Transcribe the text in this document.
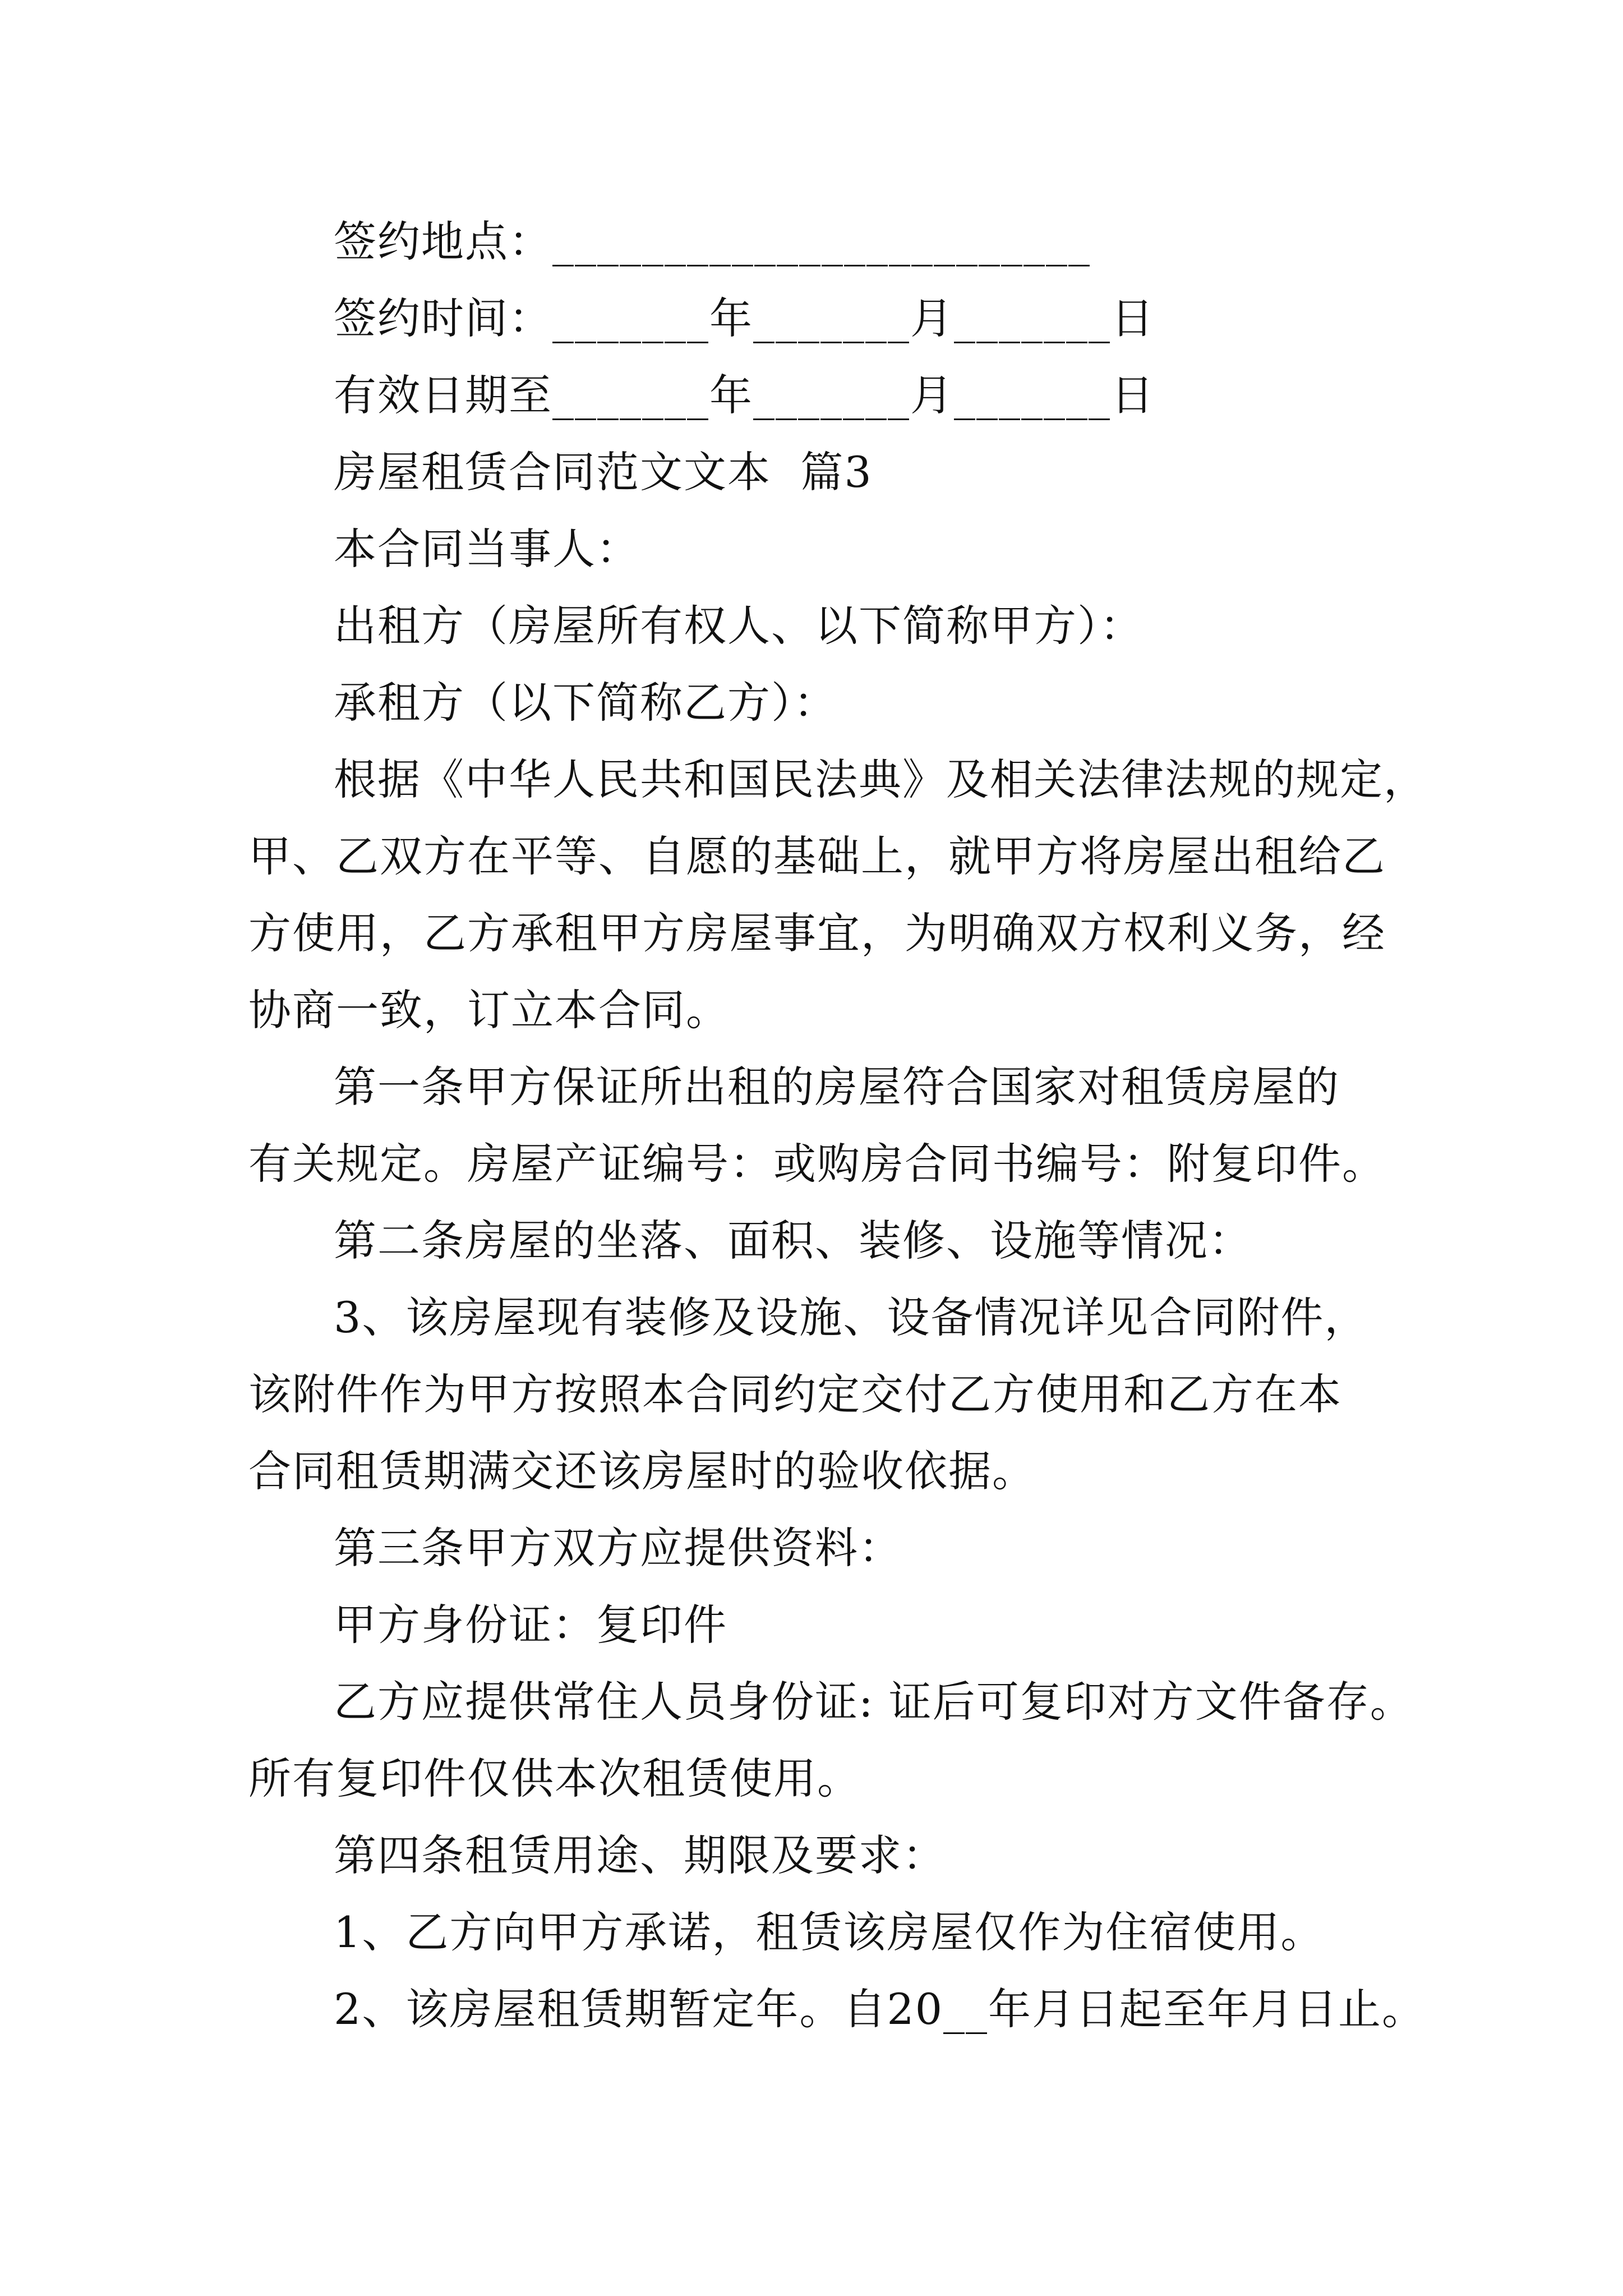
签约地点：________________________

签约时间：_______年_______月_______日

有效日期至_______年_______月_______日

房屋租赁合同范文文本  篇3

本合同当事人：

出租方（房屋所有权人、以下简称甲方）：

承租方（以下简称乙方）：

根据《中华人民共和国民法典》及相关法律法规的规定，

甲、乙双方在平等、自愿的基础上，就甲方将房屋出租给乙

方使用，乙方承租甲方房屋事宜，为明确双方权利义务，经

协商一致，订立本合同。

第一条甲方保证所出租的房屋符合国家对租赁房屋的

有关规定。房屋产证编号：或购房合同书编号：附复印件。

第二条房屋的坐落、面积、装修、设施等情况：

3、该房屋现有装修及设施、设备情况详见合同附件，

该附件作为甲方按照本合同约定交付乙方使用和乙方在本

合同租赁期满交还该房屋时的验收依据。

第三条甲方双方应提供资料：

甲方身份证：复印件

乙方应提供常住人员身份证: 证后可复印对方文件备存。

所有复印件仅供本次租赁使用。

第四条租赁用途、期限及要求：

1、乙方向甲方承诺，租赁该房屋仅作为住宿使用。

2、该房屋租赁期暂定年。自20__年月日起至年月日止。
